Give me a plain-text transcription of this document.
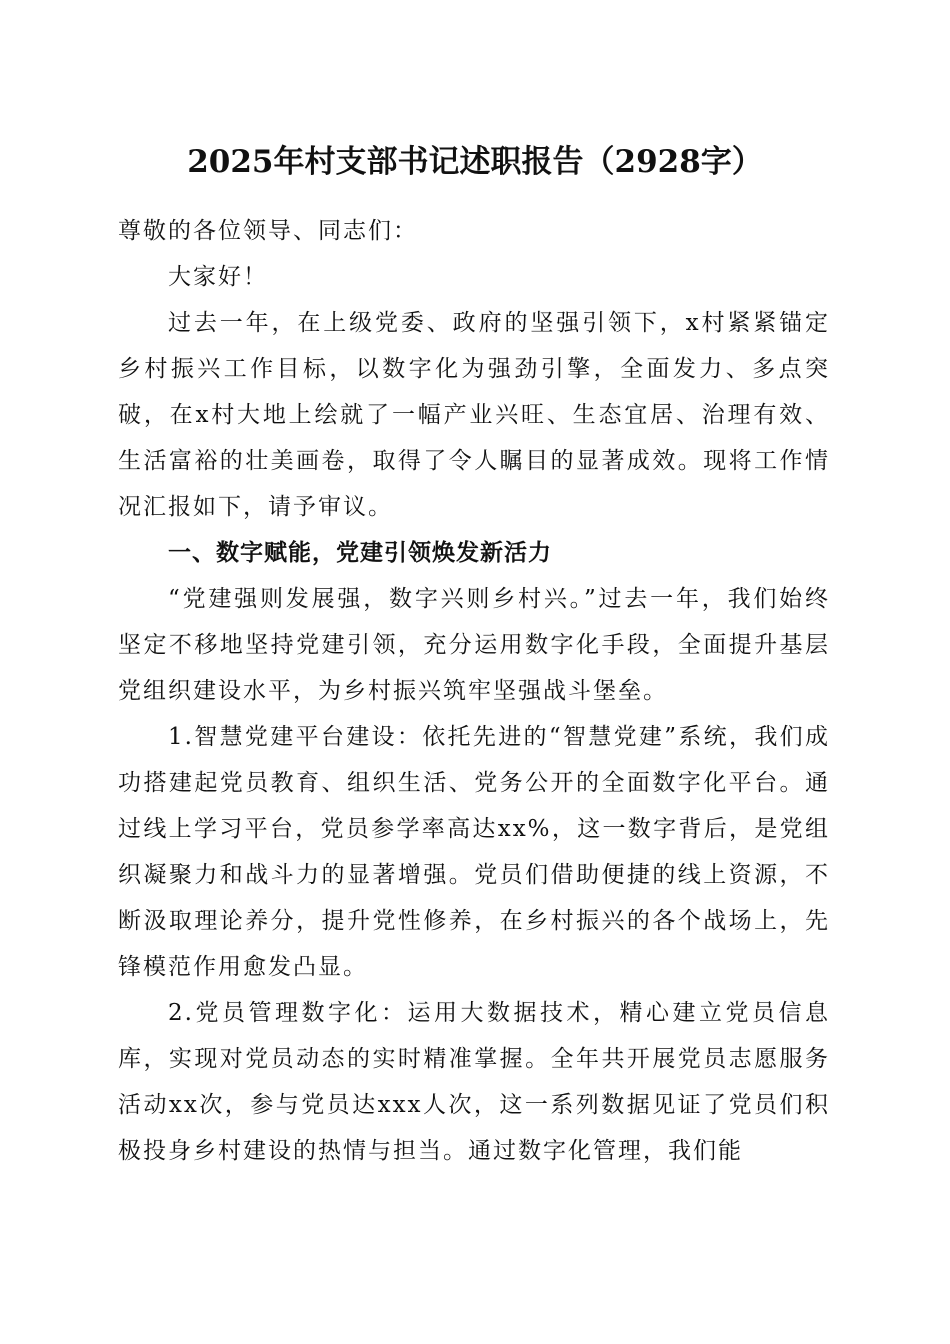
2025年村支部书记述职报告（2928字）

尊敬的各位领导、同志们：

大家好！

过去一年，在上级党委、政府的坚强引领下，x村紧紧锚定乡村振兴工作目标，以数字化为强劲引擎，全面发力、多点突破，在x村大地上绘就了一幅产业兴旺、生态宜居、治理有效、生活富裕的壮美画卷，取得了令人瞩目的显著成效。现将工作情况汇报如下，请予审议。

一、数字赋能，党建引领焕发新活力

“党建强则发展强，数字兴则乡村兴。”过去一年，我们始终坚定不移地坚持党建引领，充分运用数字化手段，全面提升基层党组织建设水平，为乡村振兴筑牢坚强战斗堡垒。

1.智慧党建平台建设：依托先进的“智慧党建”系统，我们成功搭建起党员教育、组织生活、党务公开的全面数字化平台。通过线上学习平台，党员参学率高达xx%，这一数字背后，是党组织凝聚力和战斗力的显著增强。党员们借助便捷的线上资源，不断汲取理论养分，提升党性修养，在乡村振兴的各个战场上，先锋模范作用愈发凸显。

2.党员管理数字化：运用大数据技术，精心建立党员信息库，实现对党员动态的实时精准掌握。全年共开展党员志愿服务活动xx次，参与党员达xxx人次，这一系列数据见证了党员们积极投身乡村建设的热情与担当。通过数字化管理，我们能
